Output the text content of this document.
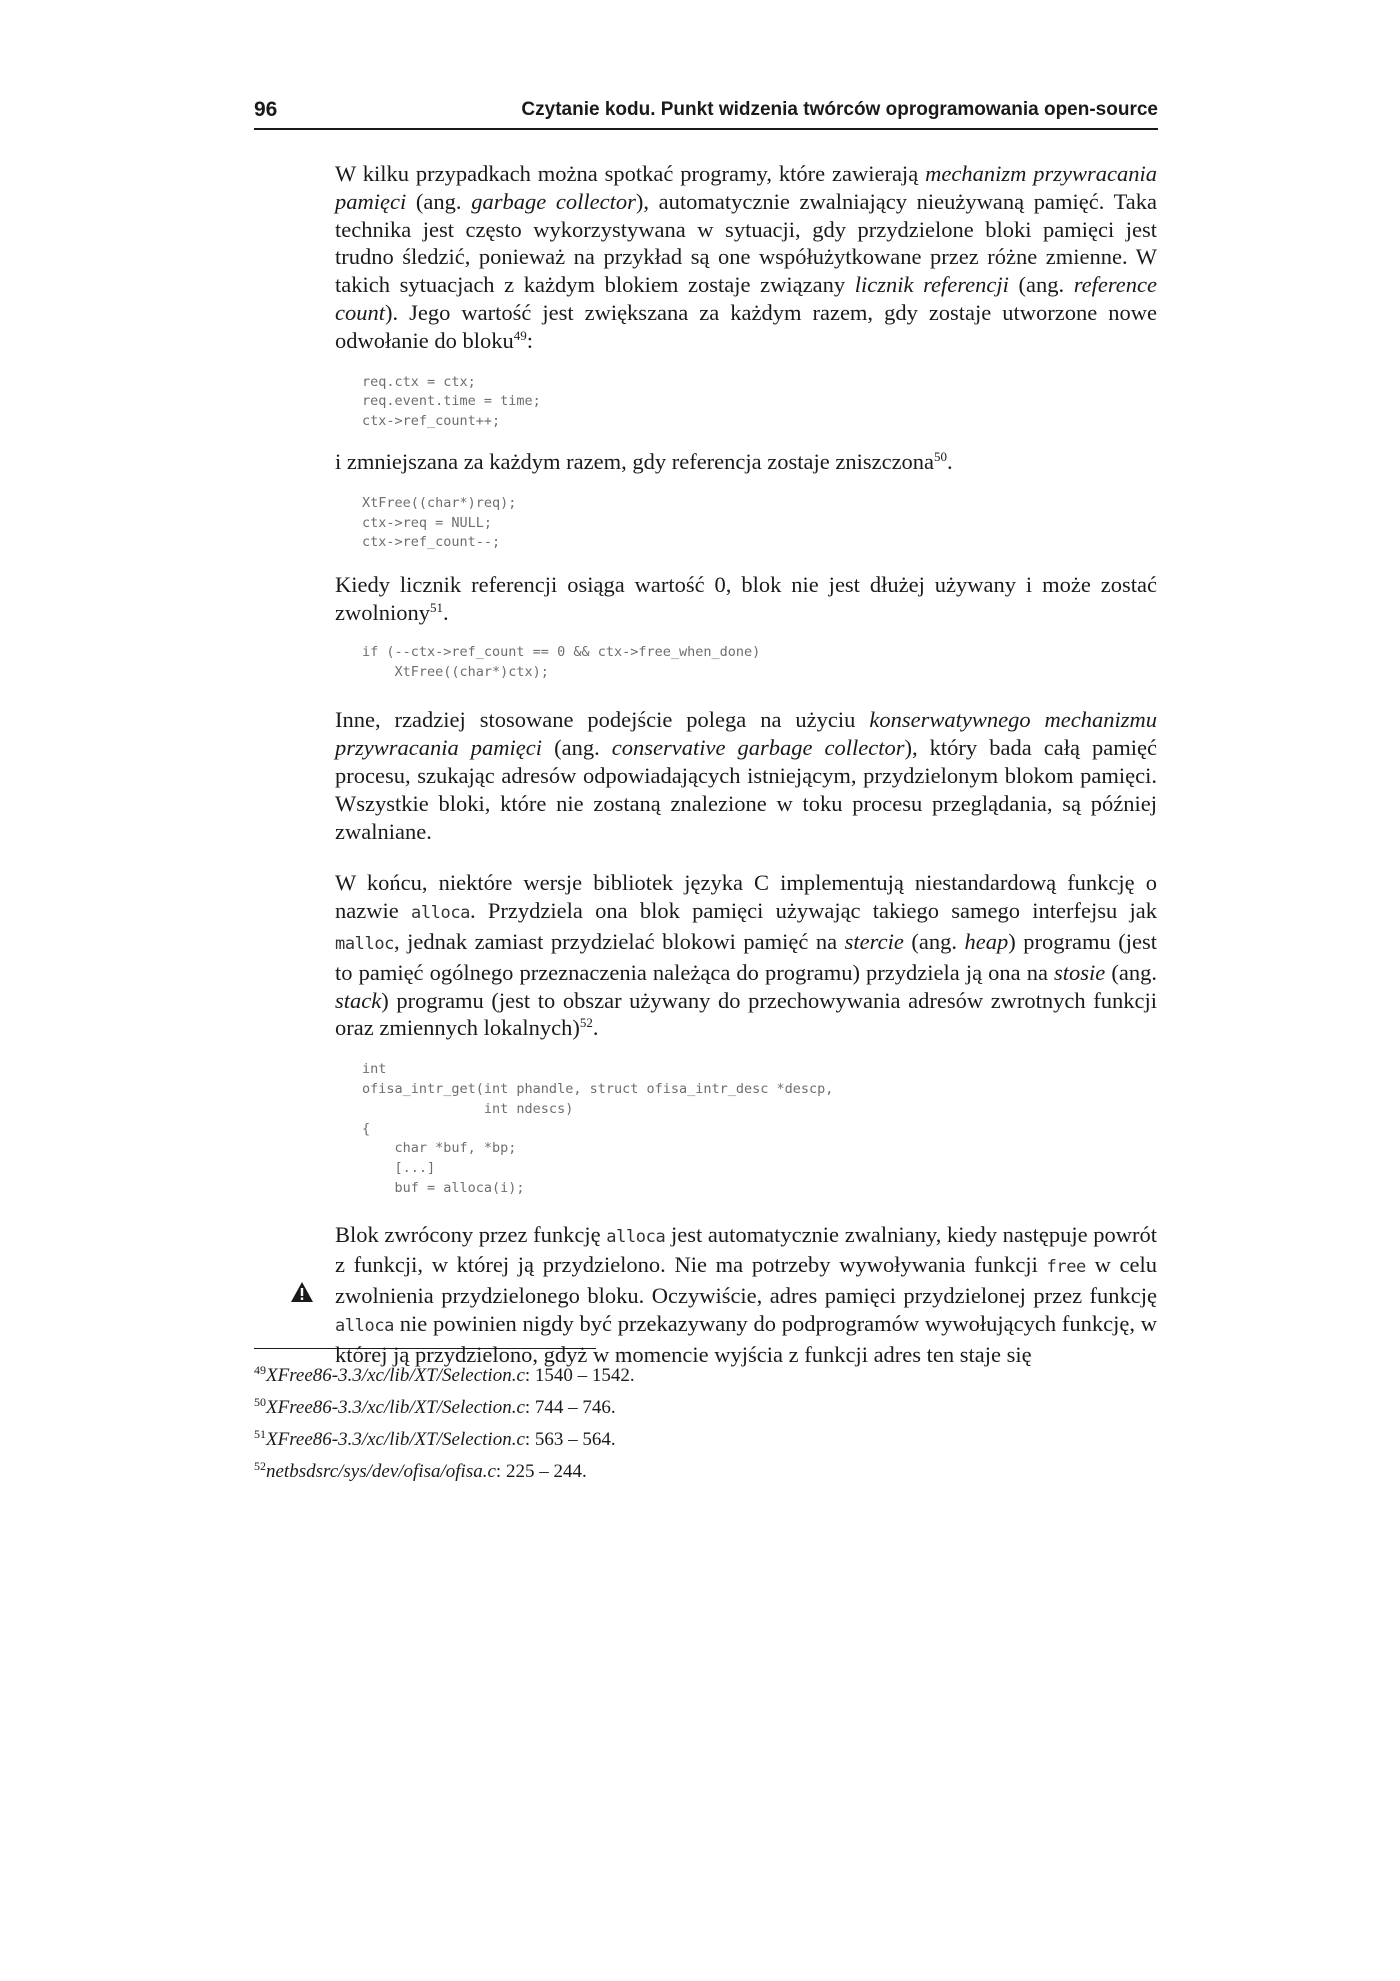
96	Czytanie kodu. Punkt widzenia twórców oprogramowania open-source

W kilku przypadkach można spotkać programy, które zawierają mechanizm przywracania pamięci (ang. garbage collector), automatycznie zwalniający nieużywaną pamięć. Taka technika jest często wykorzystywana w sytuacji, gdy przydzielone bloki pamięci jest trudno śledzić, ponieważ na przykład są one współużytkowane przez różne zmienne. W takich sytuacjach z każdym blokiem zostaje związany licznik referencji (ang. reference count). Jego wartość jest zwiększana za każdym razem, gdy zostaje utworzone nowe odwołanie do bloku$^{49}$:

req.ctx = ctx;
req.event.time = time;
ctx->ref_count++;

i zmniejszana za każdym razem, gdy referencja zostaje zniszczona$^{50}$.

XtFree((char*)req);
ctx->req = NULL;
ctx->ref_count--;

Kiedy licznik referencji osiąga wartość 0, blok nie jest dłużej używany i może zostać zwolniony$^{51}$.

if (--ctx->ref_count == 0 && ctx->free_when_done)
XtFree((char*)ctx);

Inne, rzadziej stosowane podejście polega na użyciu konserwatywnego mechanizmu przywracania pamięci (ang. conservative garbage collector), który bada całą pamięć procesu, szukając adresów odpowiadających istniejącym, przydzielonym blokom pamięci. Wszystkie bloki, które nie zostaną znalezione w toku procesu przeglądania, są później zwalniane.

W końcu, niektóre wersje bibliotek języka C implementują niestandardową funkcję o nazwie alloca. Przydziela ona blok pamięci używając takiego samego interfejsu jak malloc, jednak zamiast przydzielać blokowi pamięć na stercie (ang. heap) programu (jest to pamięć ogólnego przeznaczenia należąca do programu) przydziela ją ona na stosie (ang. stack) programu (jest to obszar używany do przechowywania adresów zwrotnych funkcji oraz zmiennych lokalnych)$^{52}$.

int
ofisa_intr_get(int phandle, struct ofisa_intr_desc *descp,
int ndescs)
{
char *buf, *bp;
[...]
buf = alloca(i);

Blok zwrócony przez funkcję alloca jest automatycznie zwalniany, kiedy następuje powrót z funkcji, w której ją przydzielono. Nie ma potrzeby wywoływania funkcji free w celu zwolnienia przydzielonego bloku. Oczywiście, adres pamięci przydzielonej przez funkcję alloca nie powinien nigdy być przekazywany do podprogramów wywołujących funkcję, w której ją przydzielono, gdyż w momencie wyjścia z funkcji adres ten staje się

$^{49}$XFree86-3.3/xc/lib/XT/Selection.c: 1540 – 1542.

$^{50}$XFree86-3.3/xc/lib/XT/Selection.c: 744 – 746.

$^{51}$XFree86-3.3/xc/lib/XT/Selection.c: 563 – 564.

$^{52}$netbsdsrc/sys/dev/ofisa/ofisa.c: 225 – 244.
